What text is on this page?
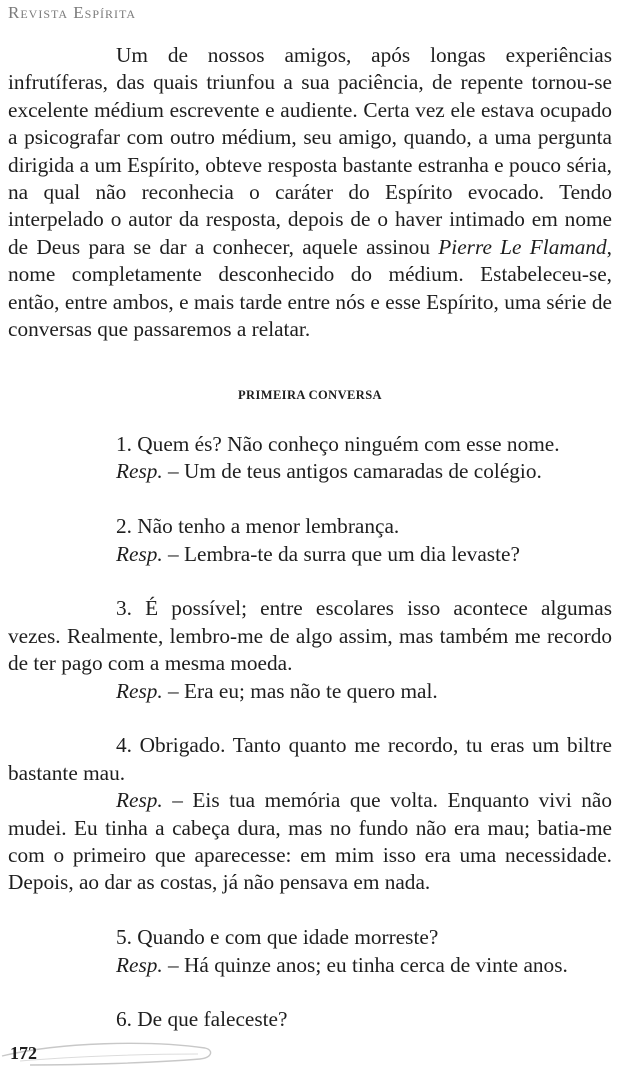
Revista Espírita

Um de nossos amigos, após longas experiências infrutíferas, das quais triunfou a sua paciência, de repente tornou-se excelente médium escrevente e audiente. Certa vez ele estava ocupado a psicografar com outro médium, seu amigo, quando, a uma pergunta dirigida a um Espírito, obteve resposta bastante estranha e pouco séria, na qual não reconhecia o caráter do Espírito evocado. Tendo interpelado o autor da resposta, depois de o haver intimado em nome de Deus para se dar a conhecer, aquele assinou Pierre Le Flamand, nome completamente desconhecido do médium. Estabeleceu-se, então, entre ambos, e mais tarde entre nós e esse Espírito, uma série de conversas que passaremos a relatar.

PRIMEIRA CONVERSA

1. Quem és? Não conheço ninguém com esse nome.

Resp. – Um de teus antigos camaradas de colégio.

2. Não tenho a menor lembrança.

Resp. – Lembra-te da surra que um dia levaste?

3. É possível; entre escolares isso acontece algumas vezes. Realmente, lembro-me de algo assim, mas também me recordo de ter pago com a mesma moeda.

Resp. – Era eu; mas não te quero mal.

4. Obrigado. Tanto quanto me recordo, tu eras um biltre bastante mau.

Resp. – Eis tua memória que volta. Enquanto vivi não mudei. Eu tinha a cabeça dura, mas no fundo não era mau; batia-me com o primeiro que aparecesse: em mim isso era uma necessidade. Depois, ao dar as costas, já não pensava em nada.

5. Quando e com que idade morreste?

Resp. – Há quinze anos; eu tinha cerca de vinte anos.

6. De que faleceste?

172
